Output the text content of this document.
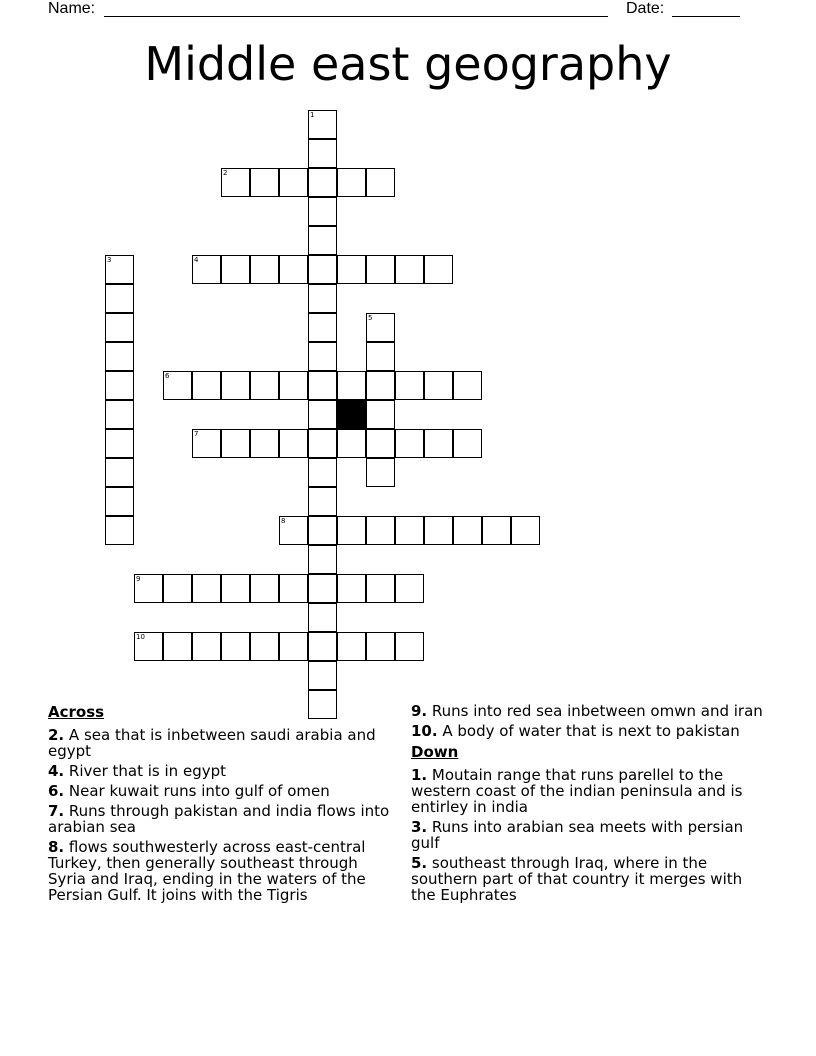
Name:	Date:
Middle east geography
1
2
3	4
5
6
7
8
9
10
Across
2. A sea that is inbetween saudi arabia and egypt
4. River that is in egypt
6. Near kuwait runs into gulf of omen
7. Runs through pakistan and india flows into arabian sea
8. flows southwesterly across east-central Turkey, then generally southeast through Syria and Iraq, ending in the waters of the Persian Gulf. It joins with the Tigris
9. Runs into red sea inbetween omwn and iran
10. A body of water that is next to pakistan
Down
1. Moutain range that runs parellel to the western coast of the indian peninsula and is entirley in india
3. Runs into arabian sea meets with persian gulf
5. southeast through Iraq, where in the southern part of that country it merges with the Euphrates
